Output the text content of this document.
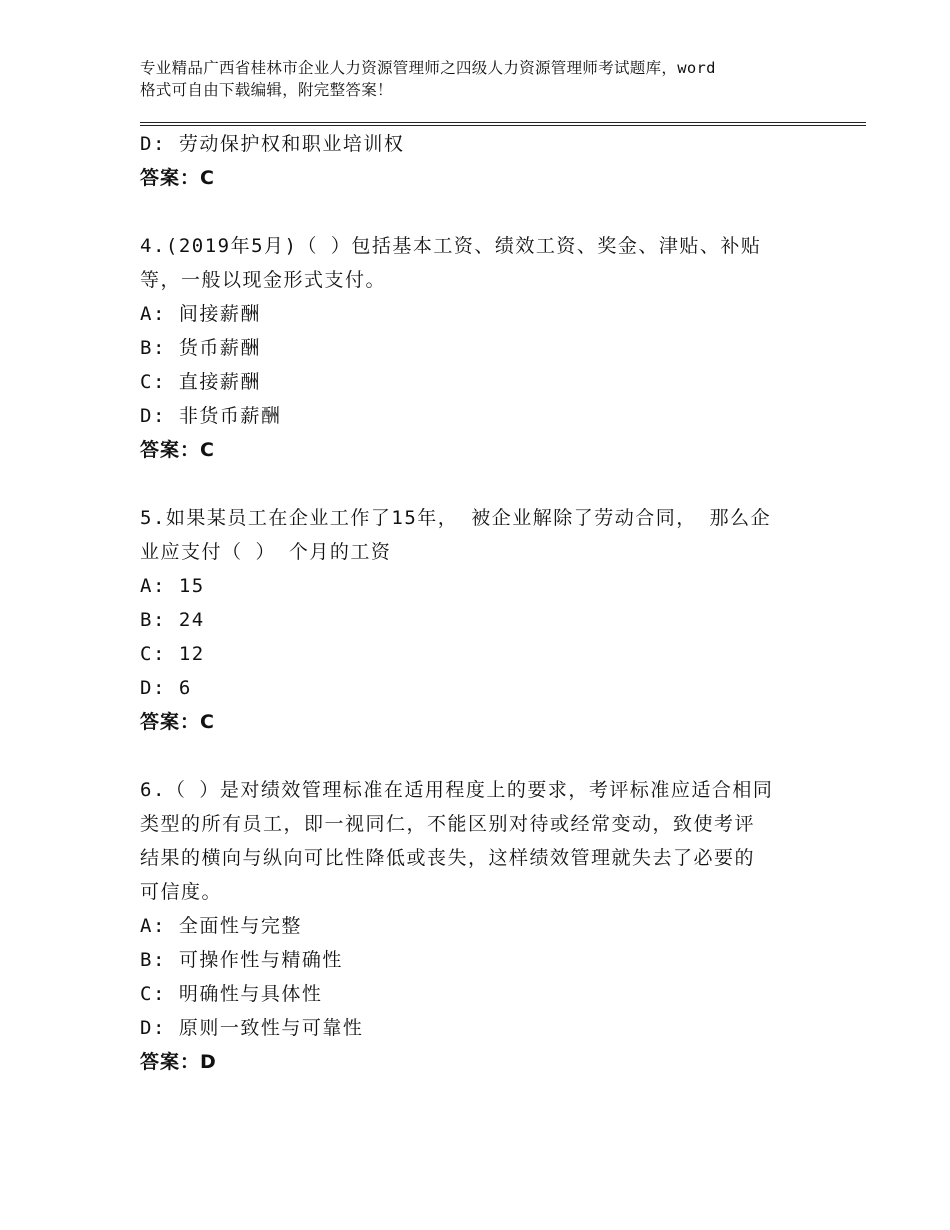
专业精品广西省桂林市企业人力资源管理师之四级人力资源管理师考试题库，word
格式可自由下载编辑，附完整答案！
D: 劳动保护权和职业培训权
答案：C
4.(2019年5月)（ ）包括基本工资、绩效工资、奖金、津贴、补贴
等，一般以现金形式支付。
A: 间接薪酬
B: 货币薪酬
C: 直接薪酬
D: 非货币薪酬
答案：C
5.如果某员工在企业工作了15年， 被企业解除了劳动合同， 那么企
业应支付（ ） 个月的工资
A: 15
B: 24
C: 12
D: 6
答案：C
6.（ ）是对绩效管理标准在适用程度上的要求，考评标准应适合相同
类型的所有员工，即一视同仁，不能区别对待或经常变动，致使考评
结果的横向与纵向可比性降低或丧失，这样绩效管理就失去了必要的
可信度。
A: 全面性与完整
B: 可操作性与精确性
C: 明确性与具体性
D: 原则一致性与可靠性
答案：D
